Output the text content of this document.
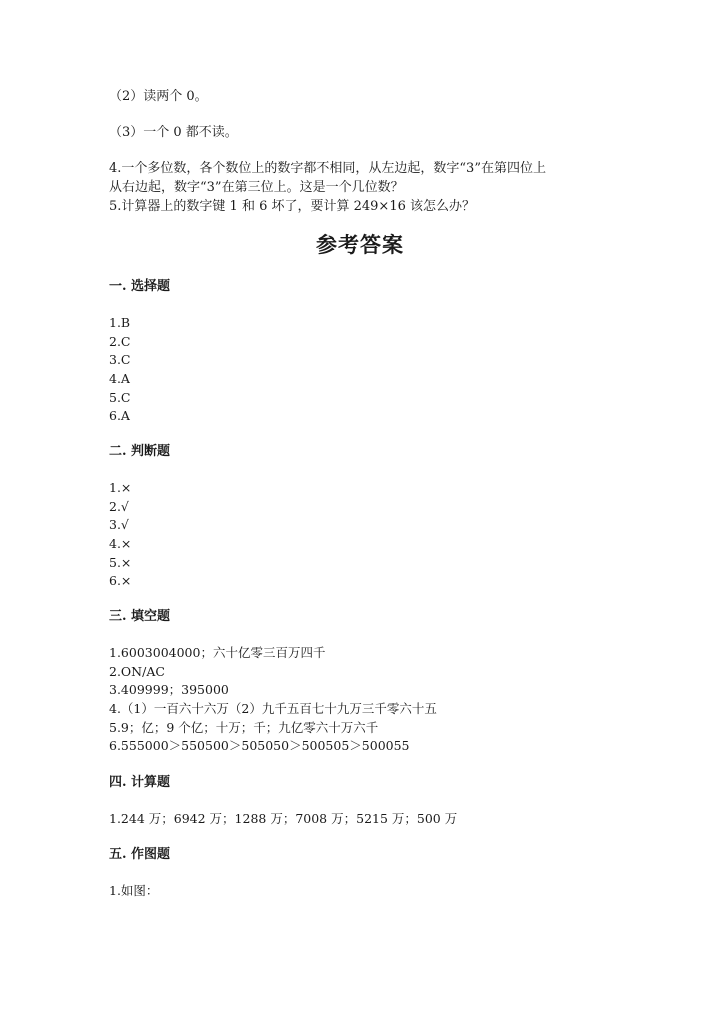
（2）读两个 0。
（3）一个 0 都不读。
4.一个多位数，各个数位上的数字都不相同，从左边起，数字“3”在第四位上
从右边起，数字“3”在第三位上。这是一个几位数？
5.计算器上的数字键 1 和 6 坏了，要计算 249×16 该怎么办？
参考答案
一. 选择题
1.B
2.C
3.C
4.A
5.C
6.A
二. 判断题
1.×
2.√
3.√
4.×
5.×
6.×
三. 填空题
1.6003004000；六十亿零三百万四千
2.ON/AC
3.409999；395000
4.（1）一百六十六万（2）九千五百七十九万三千零六十五
5.9；亿；9 个亿；十万；千；九亿零六十万六千
6.555000＞550500＞505050＞500505＞500055
四. 计算题
1.244 万；6942 万；1288 万；7008 万；5215 万；500 万
五. 作图题
1.如图：
